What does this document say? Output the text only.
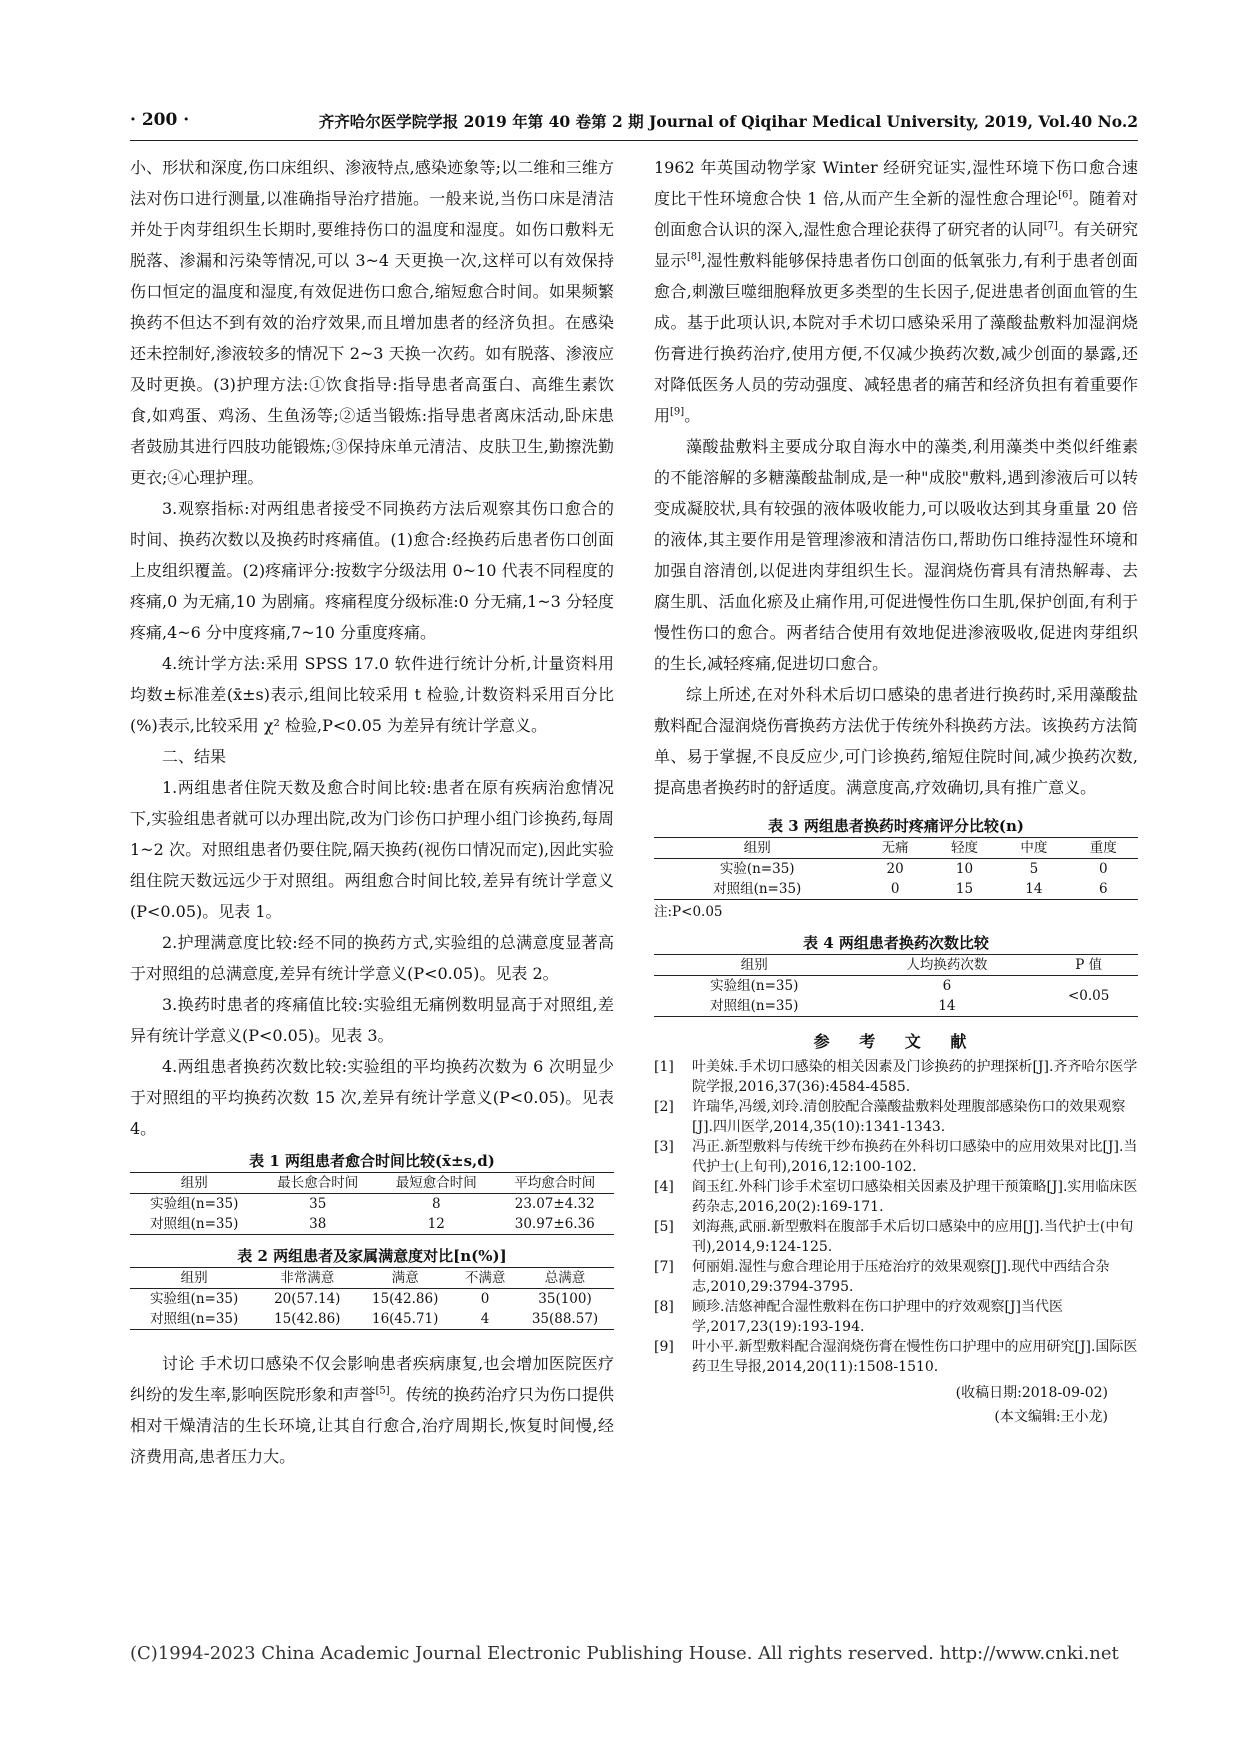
· 200 ·	齐齐哈尔医学院学报 2019 年第 40 卷第 2 期 Journal of Qiqihar Medical University, 2019, Vol.40 No.2

小、形状和深度,伤口床组织、渗液特点,感染迹象等;以二维和三维方法对伤口进行测量,以准确指导治疗措施。一般来说,当伤口床是清洁并处于肉芽组织生长期时,要维持伤口的温度和湿度。如伤口敷料无脱落、渗漏和污染等情况,可以 3~4 天更换一次,这样可以有效保持伤口恒定的温度和湿度,有效促进伤口愈合,缩短愈合时间。如果频繁换药不但达不到有效的治疗效果,而且增加患者的经济负担。在感染还未控制好,渗液较多的情况下 2~3 天换一次药。如有脱落、渗液应及时更换。(3)护理方法:①饮食指导:指导患者高蛋白、高维生素饮食,如鸡蛋、鸡汤、生鱼汤等;②适当锻炼:指导患者离床活动,卧床患者鼓励其进行四肢功能锻炼;③保持床单元清洁、皮肤卫生,勤擦洗勤更衣;④心理护理。

3.观察指标:对两组患者接受不同换药方法后观察其伤口愈合的时间、换药次数以及换药时疼痛值。(1)愈合:经换药后患者伤口创面上皮组织覆盖。(2)疼痛评分:按数字分级法用 0~10 代表不同程度的疼痛,0 为无痛,10 为剧痛。疼痛程度分级标准:0 分无痛,1~3 分轻度疼痛,4~6 分中度疼痛,7~10 分重度疼痛。

4.统计学方法:采用 SPSS 17.0 软件进行统计分析,计量资料用均数±标准差(x̄±s)表示,组间比较采用 t 检验,计数资料采用百分比(%)表示,比较采用 χ² 检验,P<0.05 为差异有统计学意义。

二、结果

1.两组患者住院天数及愈合时间比较:患者在原有疾病治愈情况下,实验组患者就可以办理出院,改为门诊伤口护理小组门诊换药,每周 1~2 次。对照组患者仍要住院,隔天换药(视伤口情况而定),因此实验组住院天数远远少于对照组。两组愈合时间比较,差异有统计学意义(P<0.05)。见表 1。

2.护理满意度比较:经不同的换药方式,实验组的总满意度显著高于对照组的总满意度,差异有统计学意义(P<0.05)。见表 2。

3.换药时患者的疼痛值比较:实验组无痛例数明显高于对照组,差异有统计学意义(P<0.05)。见表 3。

4.两组患者换药次数比较:实验组的平均换药次数为 6 次明显少于对照组的平均换药次数 15 次,差异有统计学意义(P<0.05)。见表 4。

表 1 两组患者愈合时间比较(x̄±s,d)
组别	最长愈合时间	最短愈合时间	平均愈合时间
实验组(n=35)	35	8	23.07±4.32
对照组(n=35)	38	12	30.97±6.36
表 2 两组患者及家属满意度对比[n(%)]
组别	非常满意	满意	不满意	总满意
实验组(n=35)	20(57.14)	15(42.86)	0	35(100)
对照组(n=35)	15(42.86)	16(45.71)	4	35(88.57)

讨论 手术切口感染不仅会影响患者疾病康复,也会增加医院医疗纠纷的发生率,影响医院形象和声誉[5]。传统的换药治疗只为伤口提供相对干燥清洁的生长环境,让其自行愈合,治疗周期长,恢复时间慢,经济费用高,患者压力大。

1962 年英国动物学家 Winter 经研究证实,湿性环境下伤口愈合速度比干性环境愈合快 1 倍,从而产生全新的湿性愈合理论[6]。随着对创面愈合认识的深入,湿性愈合理论获得了研究者的认同[7]。有关研究显示[8],湿性敷料能够保持患者伤口创面的低氧张力,有利于患者创面愈合,刺激巨噬细胞释放更多类型的生长因子,促进患者创面血管的生成。基于此项认识,本院对手术切口感染采用了藻酸盐敷料加湿润烧伤膏进行换药治疗,使用方便,不仅减少换药次数,减少创面的暴露,还对降低医务人员的劳动强度、减轻患者的痛苦和经济负担有着重要作用[9]。

藻酸盐敷料主要成分取自海水中的藻类,利用藻类中类似纤维素的不能溶解的多糖藻酸盐制成,是一种"成胶"敷料,遇到渗液后可以转变成凝胶状,具有较强的液体吸收能力,可以吸收达到其身重量 20 倍的液体,其主要作用是管理渗液和清洁伤口,帮助伤口维持湿性环境和加强自溶清创,以促进肉芽组织生长。湿润烧伤膏具有清热解毒、去腐生肌、活血化瘀及止痛作用,可促进慢性伤口生肌,保护创面,有利于慢性伤口的愈合。两者结合使用有效地促进渗液吸收,促进肉芽组织的生长,减轻疼痛,促进切口愈合。

综上所述,在对外科术后切口感染的患者进行换药时,采用藻酸盐敷料配合湿润烧伤膏换药方法优于传统外科换药方法。该换药方法简单、易于掌握,不良反应少,可门诊换药,缩短住院时间,减少换药次数,提高患者换药时的舒适度。满意度高,疗效确切,具有推广意义。

表 3 两组患者换药时疼痛评分比较(n)
组别	无痛	轻度	中度	重度
实验(n=35)	20	10	5	0
对照组(n=35)	0	15	14	6
注:P<0.05
表 4 两组患者换药次数比较
组别	人均换药次数	P 值
实验组(n=35)	6	<0.05
对照组(n=35)	14	
参 考 文 献
[1]	叶美妹.手术切口感染的相关因素及门诊换药的护理探析[J].齐齐哈尔医学院学报,2016,37(36):4584-4585.
[2]	许瑞华,冯缓,刘玲.清创胶配合藻酸盐敷料处理腹部感染伤口的效果观察[J].四川医学,2014,35(10):1341-1343.
[3]	冯正.新型敷料与传统干纱布换药在外科切口感染中的应用效果对比[J].当代护士(上旬刊),2016,12:100-102.
[4]	阎玉红.外科门诊手术室切口感染相关因素及护理干预策略[J].实用临床医药杂志,2016,20(2):169-171.
[5]	刘海燕,武丽.新型敷料在腹部手术后切口感染中的应用[J].当代护士(中旬刊),2014,9:124-125.
[7]	何丽娟.湿性与愈合理论用于压疮治疗的效果观察[J].现代中西结合杂志,2010,29:3794-3795.
[8]	顾珍.洁悠神配合湿性敷料在伤口护理中的疗效观察[J]当代医学,2017,23(19):193-194.
[9]	叶小平.新型敷料配合湿润烧伤膏在慢性伤口护理中的应用研究[J].国际医药卫生导报,2014,20(11):1508-1510.
(收稿日期:2018-09-02)
(本文编辑:王小龙)
(C)1994-2023 China Academic Journal Electronic Publishing House. All rights reserved. http://www.cnki.net
